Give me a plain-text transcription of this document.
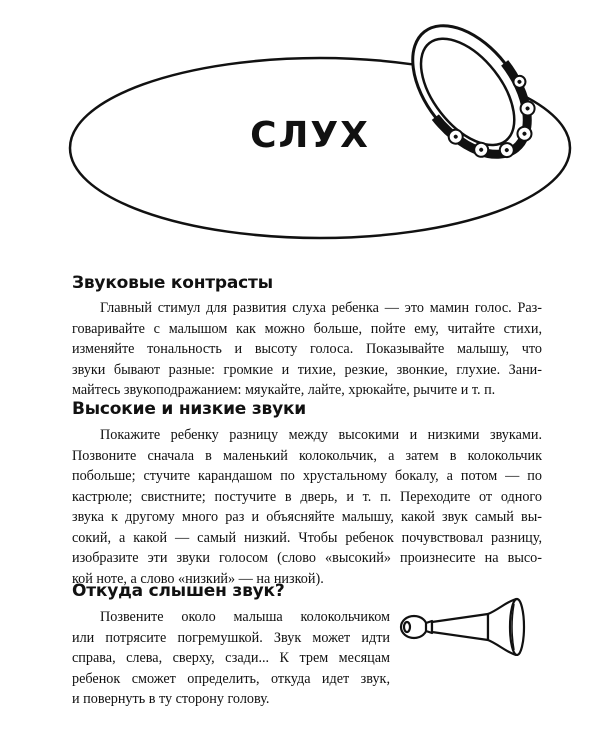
СЛУХ
Звуковые контрасты

Главный стимул для развития слуха ребенка — это мамин голос. Раз-
говаривайте с малышом как можно больше, пойте ему, читайте стихи,
изменяйте тональность и высоту голоса. Показывайте малышу, что
звуки бывают разные: громкие и тихие, резкие, звонкие, глухие. Зани-
майтесь звукоподражанием: мяукайте, лайте, хрюкайте, рычите и т. п.

Высокие и низкие звуки

Покажите ребенку разницу между высокими и низкими звуками.
Позвоните сначала в маленький колокольчик, а затем в колокольчик
побольше; стучите карандашом по хрустальному бокалу, а потом — по
кастрюле; свистните; постучите в дверь, и т. п. Переходите от одного
звука к другому много раз и объясняйте малышу, какой звук самый вы-
сокий, а какой — самый низкий. Чтобы ребенок почувствовал разницу,
изобразите эти звуки голосом (слово «высокий» произнесите на высо-
кой ноте, а слово «низкий» — на низкой).

Откуда слышен звук?

Позвените около малыша колокольчиком
или потрясите погремушкой. Звук может идти
справа, слева, сверху, сзади... К трем месяцам
ребенок сможет определить, откуда идет звук,
и повернуть в ту сторону голову.
